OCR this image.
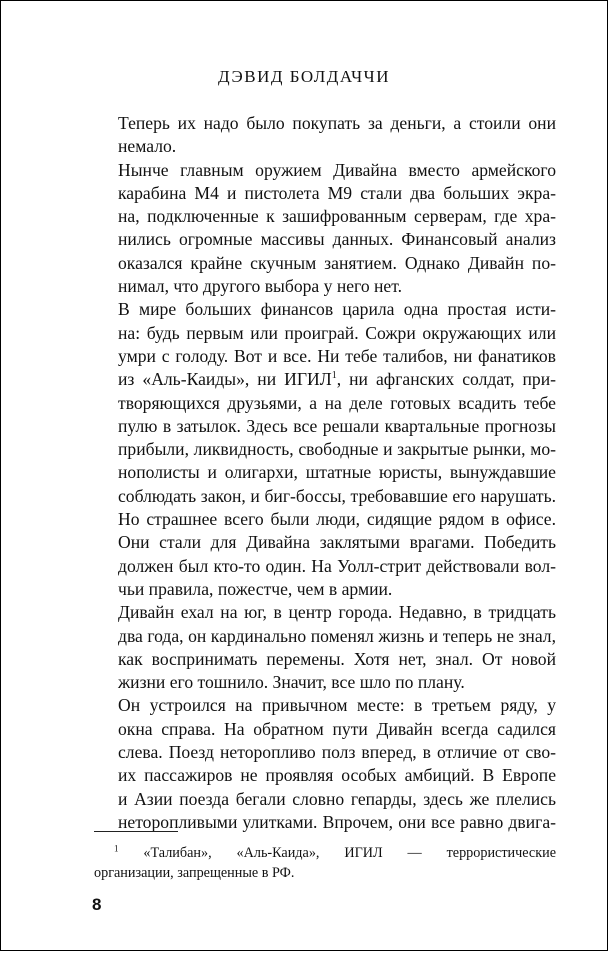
ДЭВИД БОЛДАЧЧИ
Теперь их надо было покупать за деньги, а стоили они
немало.
Нынче главным оружием Дивайна вместо армейского
карабина М4 и пистолета М9 стали два больших экра-
на, подключенные к зашифрованным серверам, где хра-
нились огромные массивы данных. Финансовый анализ
оказался крайне скучным занятием. Однако Дивайн по-
нимал, что другого выбора у него нет.
В мире больших финансов царила одна простая исти-
на: будь первым или проиграй. Сожри окружающих или
умри с голоду. Вот и все. Ни тебе талибов, ни фанатиков
из «Аль-Каиды», ни ИГИЛ$^1$, ни афганских солдат, при-
творяющихся друзьями, а на деле готовых всадить тебе
пулю в затылок. Здесь все решали квартальные прогнозы
прибыли, ликвидность, свободные и закрытые рынки, мо-
нополисты и олигархи, штатные юристы, вынуждавшие
соблюдать закон, и биг-боссы, требовавшие его нарушать.
Но страшнее всего были люди, сидящие рядом в офисе.
Они стали для Дивайна заклятыми врагами. Победить
должен был кто-то один. На Уолл-стрит действовали вол-
чьи правила, пожестче, чем в армии.
Дивайн ехал на юг, в центр города. Недавно, в тридцать
два года, он кардинально поменял жизнь и теперь не знал,
как воспринимать перемены. Хотя нет, знал. От новой
жизни его тошнило. Значит, все шло по плану.
Он устроился на привычном месте: в третьем ряду, у
окна справа. На обратном пути Дивайн всегда садился
слева. Поезд неторопливо полз вперед, в отличие от сво-
их пассажиров не проявляя особых амбиций. В Европе
и Азии поезда бегали словно гепарды, здесь же плелись
неторопливыми улитками. Впрочем, они все равно двига-
$^1$ «Талибан», «Аль-Каида», ИГИЛ — террористические
организации, запрещенные в РФ.
8
